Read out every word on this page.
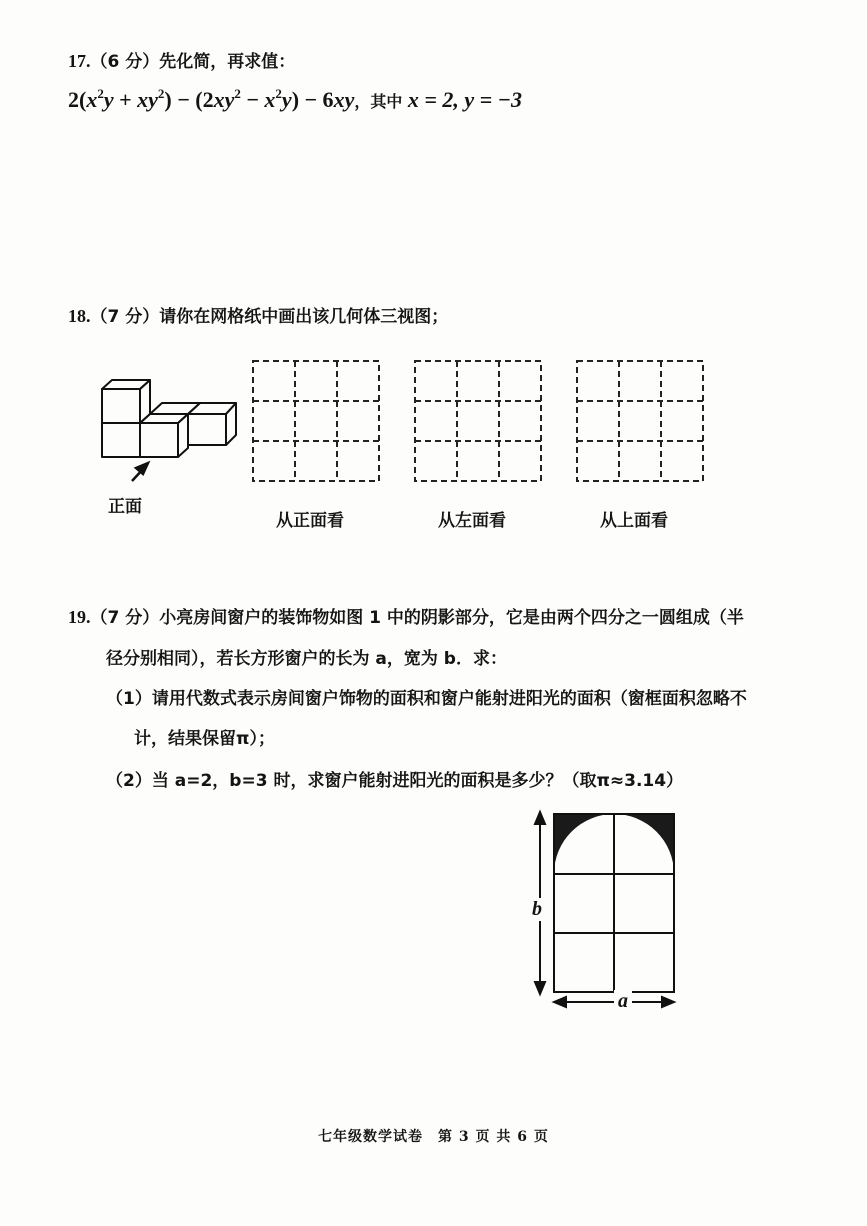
17.（6 分）先化简，再求值：
$2(x^2y + xy^2) - (2xy^2 - x^2y) - 6xy$，其中 x = 2, y = −3
18.（7 分）请你在网格纸中画出该几何体三视图；
正面
从正面看	从左面看	从上面看
19.（7 分）小亮房间窗户的装饰物如图 1 中的阴影部分，它是由两个四分之一圆组成（半
径分别相同），若长方形窗户的长为 a，宽为 b．求：
（1）请用代数式表示房间窗户饰物的面积和窗户能射进阳光的面积（窗框面积忽略不
计，结果保留π）；
（2）当 a=2，b=3 时，求窗户能射进阳光的面积是多少？（取π≈3.14）
b
a
七年级数学试卷　第 3 页 共 6 页
